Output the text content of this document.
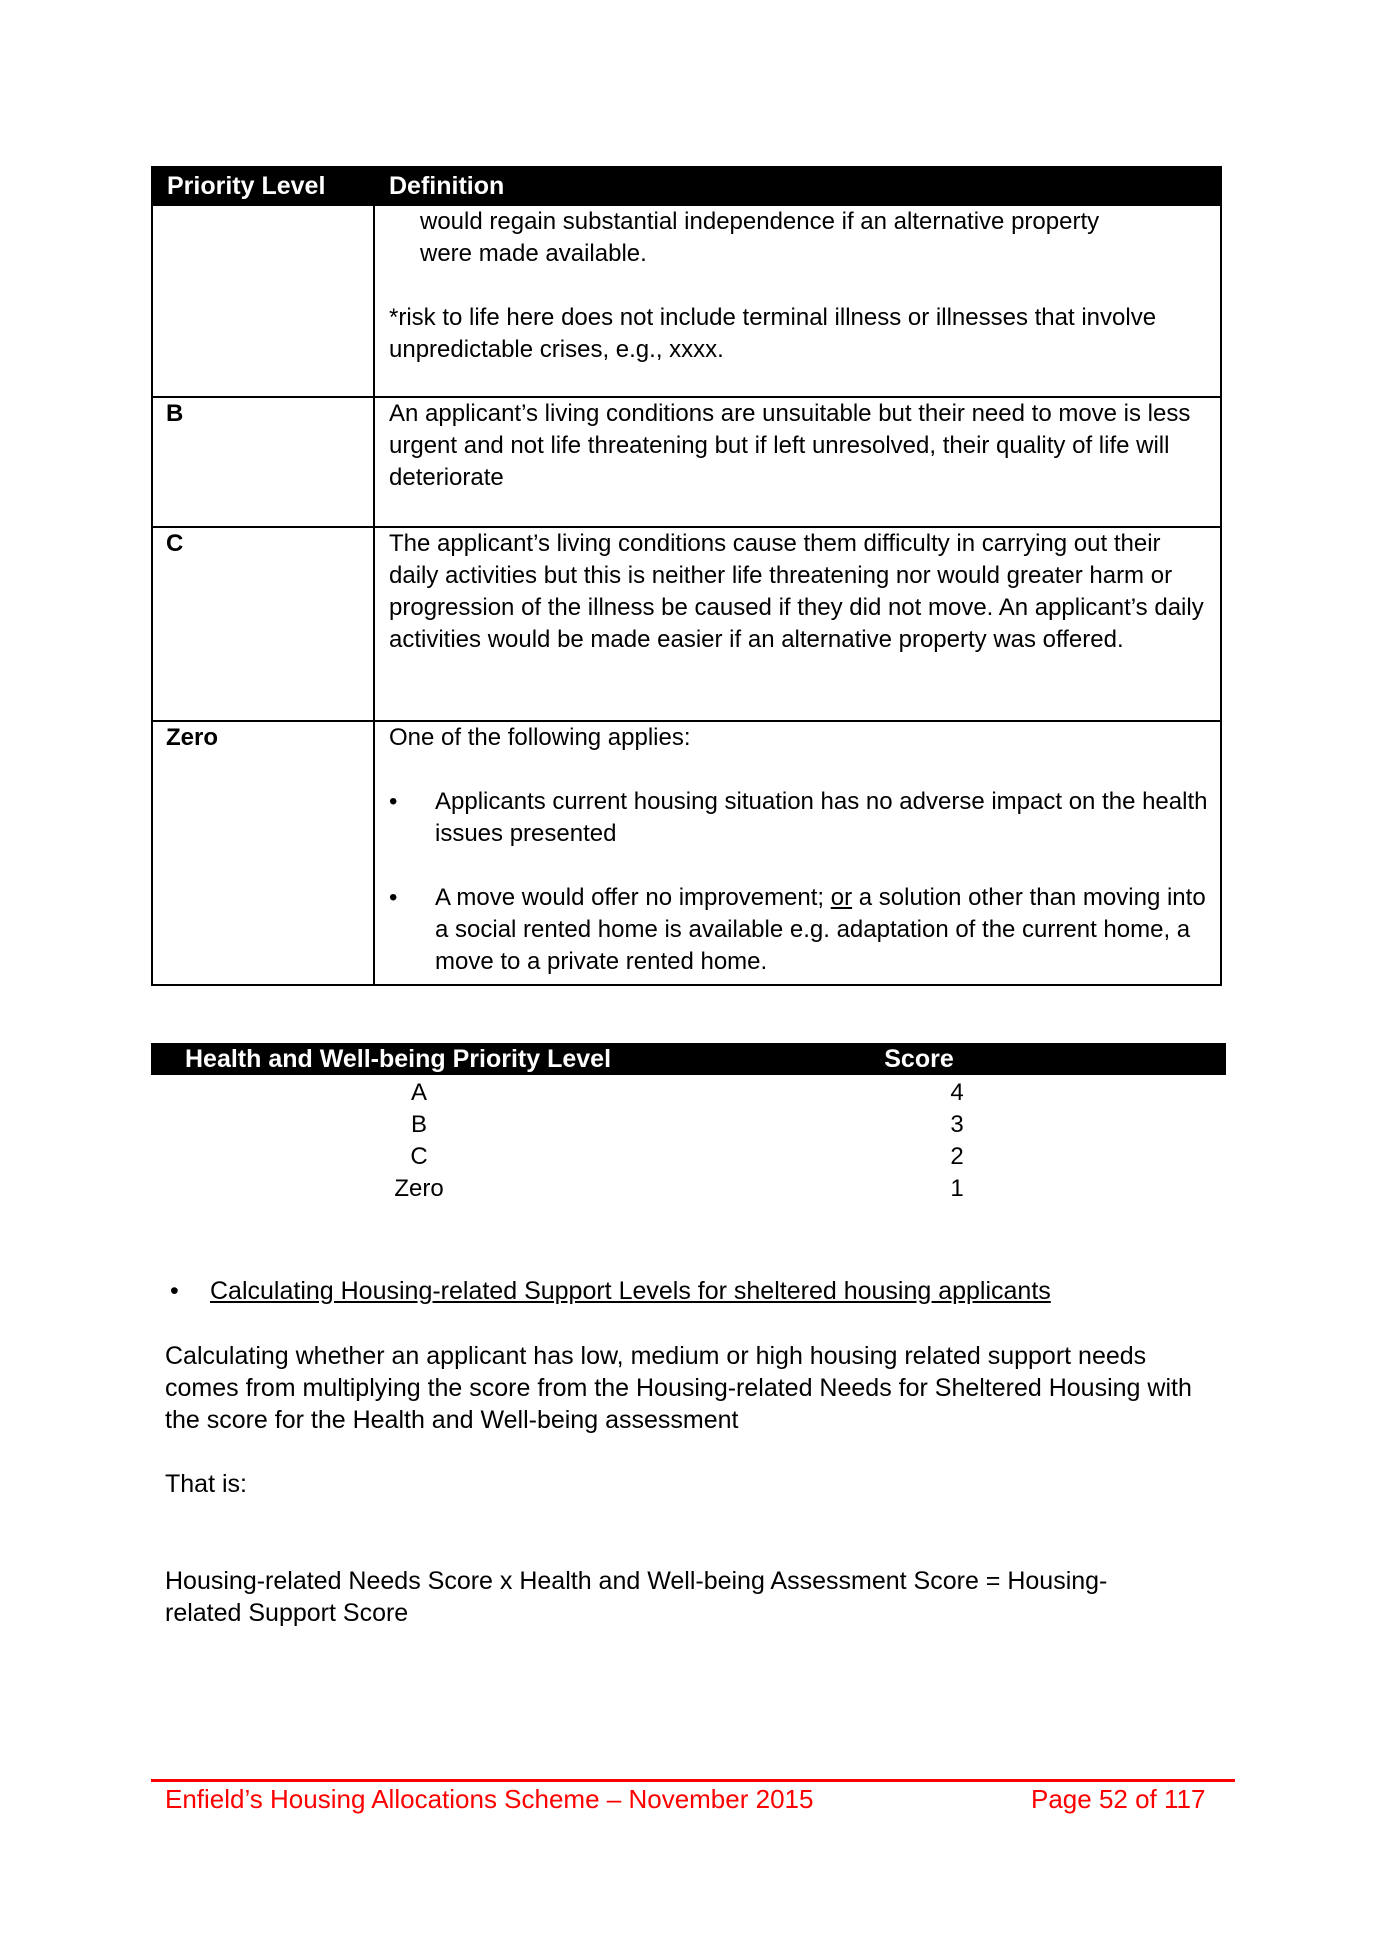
Priority Level	Definition

	would regain substantial independence if an alternative property

were made available.

*risk to life here does not include terminal illness or illnesses that involve unpredictable crises, e.g., xxxx.

B	An applicant’s living conditions are unsuitable but their need to move is less urgent and not life threatening but if left unresolved, their quality of life will deteriorate
C	The applicant’s living conditions cause them difficulty in carrying out their daily activities but this is neither life threatening nor would greater harm or progression of the illness be caused if they did not move. An applicant’s daily activities would be made easier if an alternative property was offered.
Zero	One of the following applies:

• Applicants current housing situation has no adverse impact on the health issues presented

• A move would offer no improvement; or a solution other than moving into a social rented home is available e.g. adaptation of the current home, a move to a private rented home.

Health and Well-being Priority Level	Score
A	4
B	3
C	2
Zero	1
• Calculating Housing-related Support Levels for sheltered housing applicants

Calculating whether an applicant has low, medium or high housing related support needs comes from multiplying the score from the Housing-related Needs for Sheltered Housing with the score for the Health and Well-being assessment

That is:

Housing-related Needs Score x Health and Well-being Assessment Score = Housing-

related Support Score

Enfield’s Housing Allocations Scheme – November 2015	Page 52 of 117
